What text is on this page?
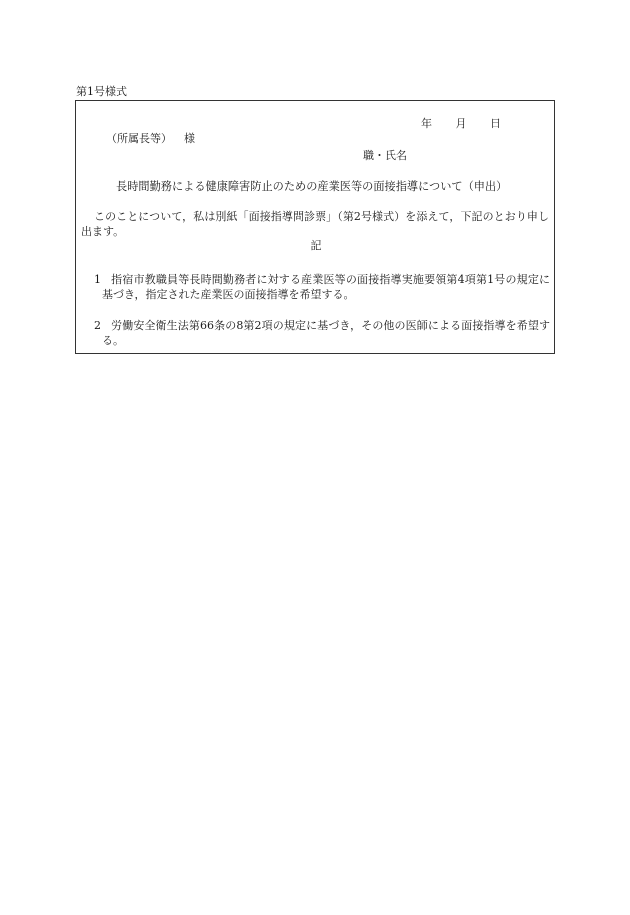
第1号様式
年 月 日
（所属長等） 様
職・氏名
長時間勤務による健康障害防止のための産業医等の面接指導について（申出）
このことについて，私は別紙「面接指導問診票」（第2号様式）を添えて，下記のとおり申し出ます。
記
1 指宿市教職員等長時間勤務者に対する産業医等の面接指導実施要領第4項第1号の規定に基づき，指定された産業医の面接指導を希望する。
2 労働安全衛生法第66条の8第2項の規定に基づき，その他の医師による面接指導を希望する。
